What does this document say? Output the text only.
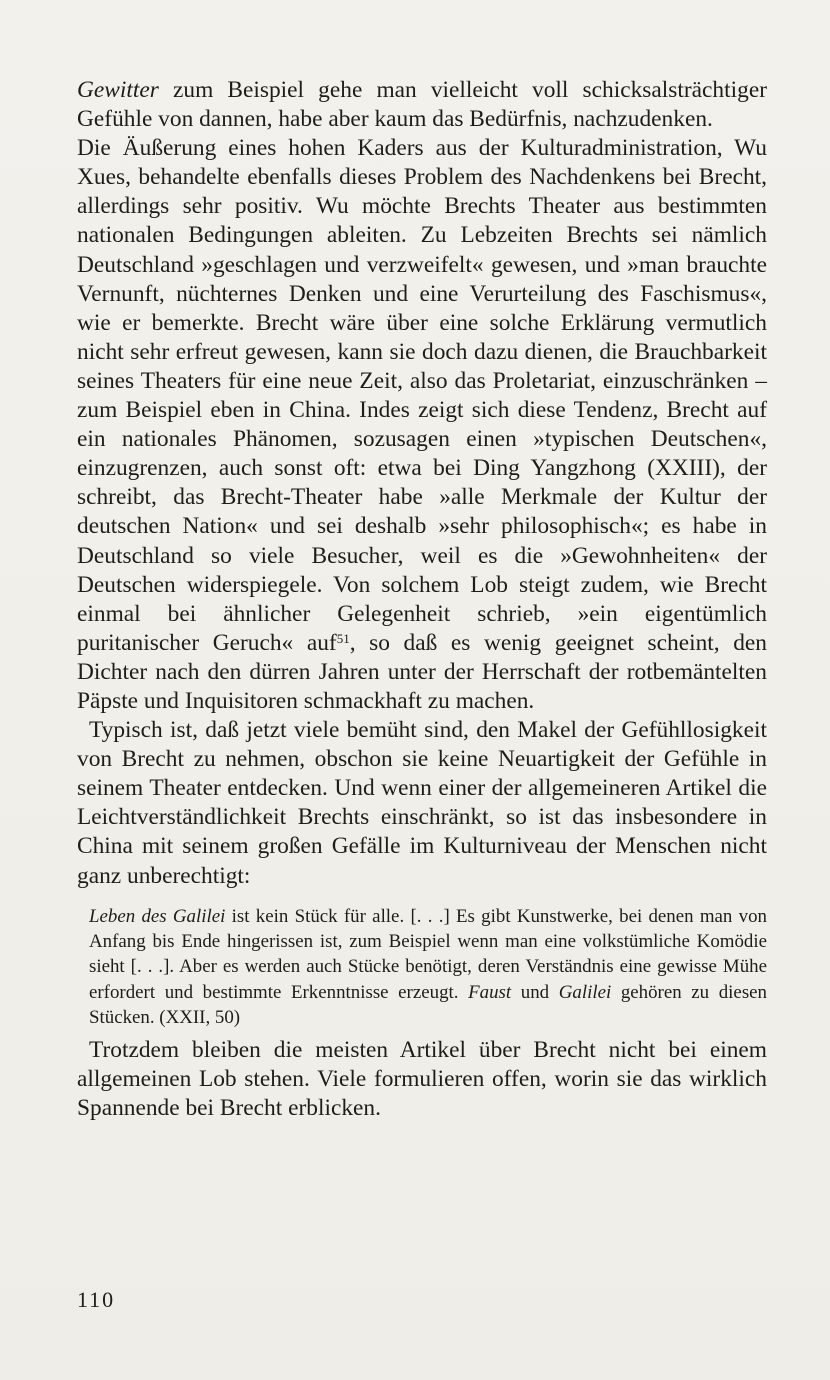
Gewitter zum Beispiel gehe man vielleicht voll schicksalsträchtiger Gefühle von dannen, habe aber kaum das Bedürfnis, nachzudenken.

Die Äußerung eines hohen Kaders aus der Kulturadministration, Wu Xues, behandelte ebenfalls dieses Problem des Nachdenkens bei Brecht, allerdings sehr positiv. Wu möchte Brechts Theater aus bestimmten nationalen Bedingungen ableiten. Zu Lebzeiten Brechts sei nämlich Deutschland »geschlagen und verzweifelt« gewesen, und »man brauchte Vernunft, nüchternes Denken und eine Verurteilung des Faschismus«, wie er bemerkte. Brecht wäre über eine solche Erklärung vermutlich nicht sehr erfreut gewesen, kann sie doch dazu dienen, die Brauchbarkeit seines Theaters für eine neue Zeit, also das Proletariat, einzuschränken – zum Beispiel eben in China. Indes zeigt sich diese Tendenz, Brecht auf ein nationales Phänomen, sozusagen einen »typischen Deutschen«, einzugrenzen, auch sonst oft: etwa bei Ding Yangzhong (XXIII), der schreibt, das Brecht-Theater habe »alle Merkmale der Kultur der deutschen Nation« und sei deshalb »sehr philosophisch«; es habe in Deutschland so viele Besucher, weil es die »Gewohnheiten« der Deutschen widerspiegele. Von solchem Lob steigt zudem, wie Brecht einmal bei ähnlicher Gelegenheit schrieb, »ein eigentümlich puritanischer Geruch« auf$^{51}$, so daß es wenig geeignet scheint, den Dichter nach den dürren Jahren unter der Herrschaft der rotbemäntelten Päpste und Inquisitoren schmackhaft zu machen.

Typisch ist, daß jetzt viele bemüht sind, den Makel der Gefühllosigkeit von Brecht zu nehmen, obschon sie keine Neuartigkeit der Gefühle in seinem Theater entdecken. Und wenn einer der allgemeineren Artikel die Leichtverständlichkeit Brechts einschränkt, so ist das insbesondere in China mit seinem großen Gefälle im Kulturniveau der Menschen nicht ganz unberechtigt:

Leben des Galilei ist kein Stück für alle. [. . .] Es gibt Kunstwerke, bei denen man von Anfang bis Ende hingerissen ist, zum Beispiel wenn man eine volkstümliche Komödie sieht [. . .]. Aber es werden auch Stücke benötigt, deren Verständnis eine gewisse Mühe erfordert und bestimmte Erkenntnisse erzeugt. Faust und Galilei gehören zu diesen Stücken. (XXII, 50)

Trotzdem bleiben die meisten Artikel über Brecht nicht bei einem allgemeinen Lob stehen. Viele formulieren offen, worin sie das wirklich Spannende bei Brecht erblicken.

110
